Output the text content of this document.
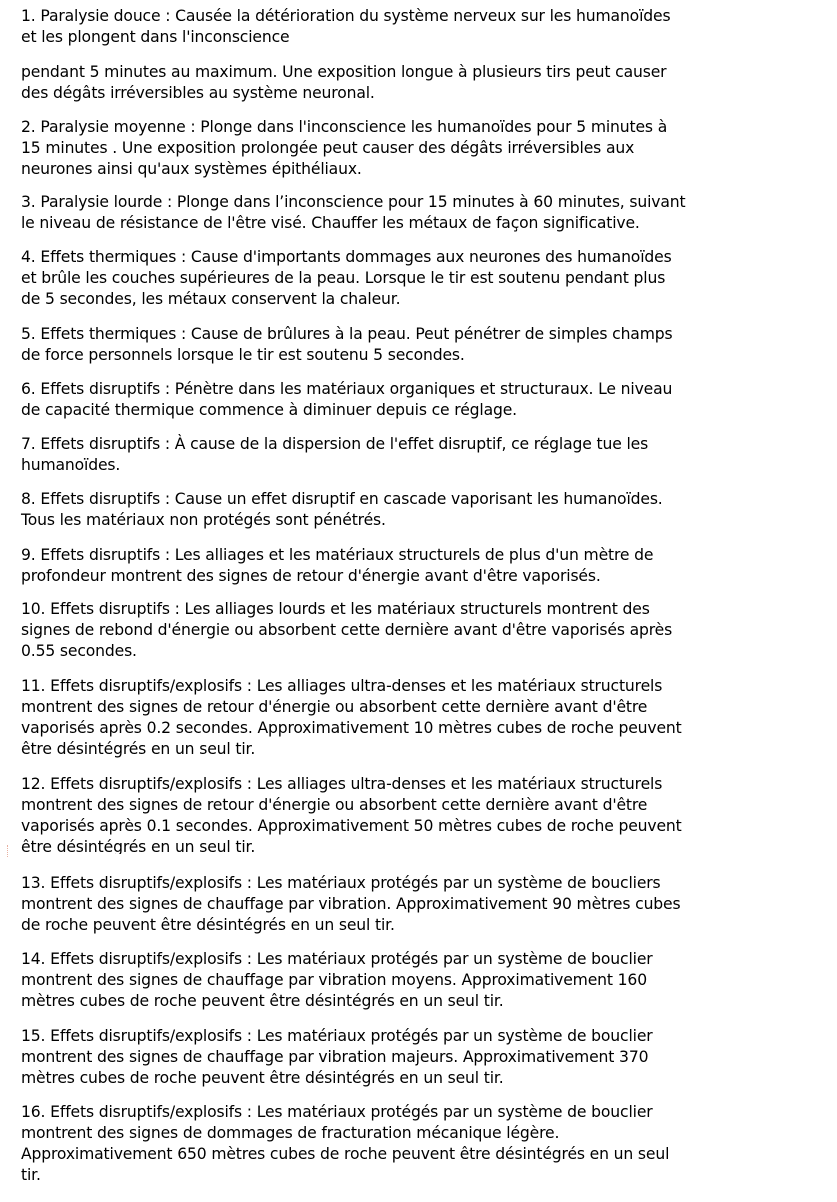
1. Paralysie douce : Causée la détérioration du système nerveux sur les humanoïdes
et les plongent dans l'inconscience

pendant 5 minutes au maximum. Une exposition longue à plusieurs tirs peut causer
des dégâts irréversibles au système neuronal.

2. Paralysie moyenne : Plonge dans l'inconscience les humanoïdes pour 5 minutes à
15 minutes . Une exposition prolongée peut causer des dégâts irréversibles aux
neurones ainsi qu'aux systèmes épithéliaux.

3. Paralysie lourde : Plonge dans l’inconscience pour 15 minutes à 60 minutes, suivant
le niveau de résistance de l'être visé. Chauffer les métaux de façon significative.

4. Effets thermiques : Cause d'importants dommages aux neurones des humanoïdes
et brûle les couches supérieures de la peau. Lorsque le tir est soutenu pendant plus
de 5 secondes, les métaux conservent la chaleur.

5. Effets thermiques : Cause de brûlures à la peau. Peut pénétrer de simples champs
de force personnels lorsque le tir est soutenu 5 secondes.

6. Effets disruptifs : Pénètre dans les matériaux organiques et structuraux. Le niveau
de capacité thermique commence à diminuer depuis ce réglage.

7. Effets disruptifs : À cause de la dispersion de l'effet disruptif, ce réglage tue les
humanoïdes.

8. Effets disruptifs : Cause un effet disruptif en cascade vaporisant les humanoïdes.
Tous les matériaux non protégés sont pénétrés.

9. Effets disruptifs : Les alliages et les matériaux structurels de plus d'un mètre de
profondeur montrent des signes de retour d'énergie avant d'être vaporisés.

10. Effets disruptifs : Les alliages lourds et les matériaux structurels montrent des
signes de rebond d'énergie ou absorbent cette dernière avant d'être vaporisés après
0.55 secondes.

11. Effets disruptifs/explosifs : Les alliages ultra-denses et les matériaux structurels
montrent des signes de retour d'énergie ou absorbent cette dernière avant d'être
vaporisés après 0.2 secondes. Approximativement 10 mètres cubes de roche peuvent
être désintégrés en un seul tir.

12. Effets disruptifs/explosifs : Les alliages ultra-denses et les matériaux structurels
montrent des signes de retour d'énergie ou absorbent cette dernière avant d'être
vaporisés après 0.1 secondes. Approximativement 50 mètres cubes de roche peuvent
être désintégrés en un seul tir.

13. Effets disruptifs/explosifs : Les matériaux protégés par un système de boucliers
montrent des signes de chauffage par vibration. Approximativement 90 mètres cubes
de roche peuvent être désintégrés en un seul tir.

14. Effets disruptifs/explosifs : Les matériaux protégés par un système de bouclier
montrent des signes de chauffage par vibration moyens. Approximativement 160
mètres cubes de roche peuvent être désintégrés en un seul tir.

15. Effets disruptifs/explosifs : Les matériaux protégés par un système de bouclier
montrent des signes de chauffage par vibration majeurs. Approximativement 370
mètres cubes de roche peuvent être désintégrés en un seul tir.

16. Effets disruptifs/explosifs : Les matériaux protégés par un système de bouclier
montrent des signes de dommages de fracturation mécanique légère.
Approximativement 650 mètres cubes de roche peuvent être désintégrés en un seul
tir.
